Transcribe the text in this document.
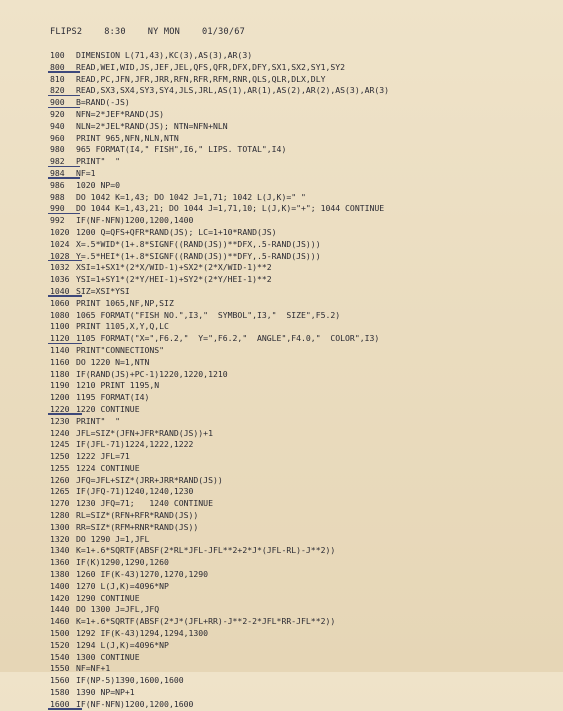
FLIPS2	8:30	NY MON	01/30/67
100 DIMENSION L(71,43),KC(3),AS(3),AR(3)
800 READ,WEI,WID,JS,JEF,JEL,QFS,QFR,DFX,DFY,SX1,SX2,SY1,SY2
810 READ,PC,JFN,JFR,JRR,RFN,RFR,RFM,RNR,QLS,QLR,DLX,DLY
820 READ,SX3,SX4,SY3,SY4,JLS,JRL,AS(1),AR(1),AS(2),AR(2),AS(3),AR(3)
900 B=RAND(-JS)
920 NFN=2*JEF*RAND(JS)
940 NLN=2*JEL*RAND(JS); NTN=NFN+NLN
960 PRINT 965,NFN,NLN,NTN
980 965 FORMAT(I4," FISH",I6," LIPS. TOTAL",I4)
982 PRINT"  "
984 NF=1
986 1020 NP=0
988 DO 1042 K=1,43; DO 1042 J=1,71; 1042 L(J,K)=" "
990 DO 1044 K=1,43,21; DO 1044 J=1,71,10; L(J,K)="+"; 1044 CONTINUE
992 IF(NF-NFN)1200,1200,1400
1020 1200 Q=QFS+QFR*RAND(JS); LC=1+10*RAND(JS)
1024 X=.5*WID*(1+.8*SIGNF((RAND(JS))**DFX,.5-RAND(JS)))
1028 Y=.5*HEI*(1+.8*SIGNF((RAND(JS))**DFY,.5-RAND(JS)))
1032 XSI=1+SX1*(2*X/WID-1)+SX2*(2*X/WID-1)**2
1036 YSI=1+SY1*(2*Y/HEI-1)+SY2*(2*Y/HEI-1)**2
1040 SIZ=XSI*YSI
1060 PRINT 1065,NF,NP,SIZ
1080 1065 FORMAT("FISH NO.",I3,"  SYMBOL",I3,"  SIZE",F5.2)
1100 PRINT 1105,X,Y,Q,LC
1120 1105 FORMAT("X=",F6.2,"  Y=",F6.2,"  ANGLE",F4.0,"  COLOR",I3)
1140 PRINT"CONNECTIONS"
1160 DO 1220 N=1,NTN
1180 IF(RAND(JS)+PC-1)1220,1220,1210
1190 1210 PRINT 1195,N
1200 1195 FORMAT(I4)
1220 1220 CONTINUE
1230 PRINT"  "
1240 JFL=SIZ*(JFN+JFR*RAND(JS))+1
1245 IF(JFL-71)1224,1222,1222
1250 1222 JFL=71
1255 1224 CONTINUE
1260 JFQ=JFL+SIZ*(JRR+JRR*RAND(JS))
1265 IF(JFQ-71)1240,1240,1230
1270 1230 JFQ=71;   1240 CONTINUE
1280 RL=SIZ*(RFN+RFR*RAND(JS))
1300 RR=SIZ*(RFM+RNR*RAND(JS))
1320 DO 1290 J=1,JFL
1340 K=1+.6*SQRTF(ABSF(2*RL*JFL-JFL**2+2*J*(JFL-RL)-J**2))
1360 IF(K)1290,1290,1260
1380 1260 IF(K-43)1270,1270,1290
1400 1270 L(J,K)=4096*NP
1420 1290 CONTINUE
1440 DO 1300 J=JFL,JFQ
1460 K=1+.6*SQRTF(ABSF(2*J*(JFL+RR)-J**2-2*JFL*RR-JFL**2))
1500 1292 IF(K-43)1294,1294,1300
1520 1294 L(J,K)=4096*NP
1540 1300 CONTINUE
1550 NF=NF+1
1560 IF(NP-5)1390,1600,1600
1580 1390 NP=NP+1
1600 IF(NF-NFN)1200,1200,1600
